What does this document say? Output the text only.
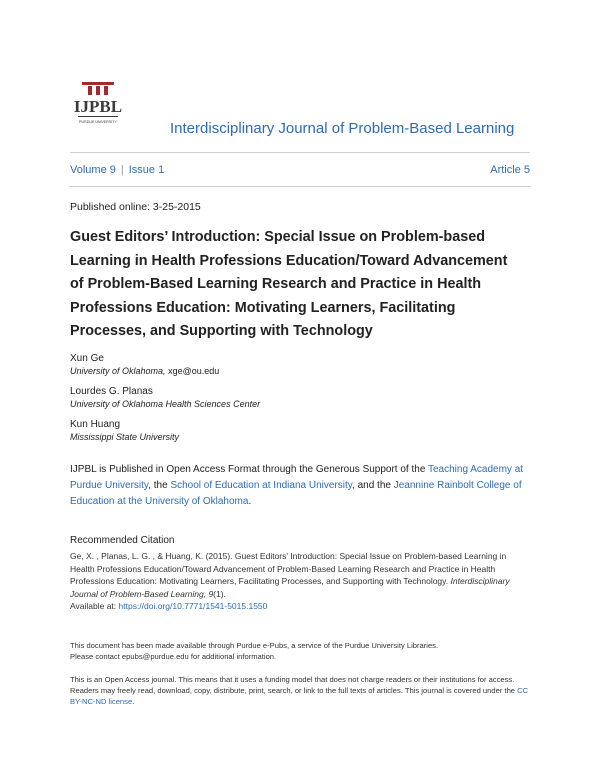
IJPBL
PURDUE UNIVERSITY	Interdisciplinary Journal of Problem-Based Learning
Volume 9 | Issue 1	Article 5
Published online: 3-25-2015
Guest Editors’ Introduction: Special Issue on Problem-based
Learning in Health Professions Education/Toward Advancement
of Problem-Based Learning Research and Practice in Health
Professions Education: Motivating Learners, Facilitating
Processes, and Supporting with Technology
Xun Ge
University of Oklahoma, xge@ou.edu
Lourdes G. Planas
University of Oklahoma Health Sciences Center
Kun Huang
Mississippi State University
IJPBL is Published in Open Access Format through the Generous Support of the Teaching Academy at Purdue University, the School of Education at Indiana University, and the Jeannine Rainbolt College of Education at the University of Oklahoma.
Recommended Citation
Ge, X. , Planas, L. G. , & Huang, K. (2015). Guest Editors’ Introduction: Special Issue on Problem-based Learning in Health Professions Education/Toward Advancement of Problem-Based Learning Research and Practice in Health Professions Education: Motivating Learners, Facilitating Processes, and Supporting with Technology. Interdisciplinary Journal of Problem-Based Learning, 9(1).
Available at: https://doi.org/10.7771/1541-5015.1550
This document has been made available through Purdue e-Pubs, a service of the Purdue University Libraries.
Please contact epubs@purdue.edu for additional information.
This is an Open Access journal. This means that it uses a funding model that does not charge readers or their institutions for access. Readers may freely read, download, copy, distribute, print, search, or link to the full texts of articles. This journal is covered under the CC BY-NC-ND license.
